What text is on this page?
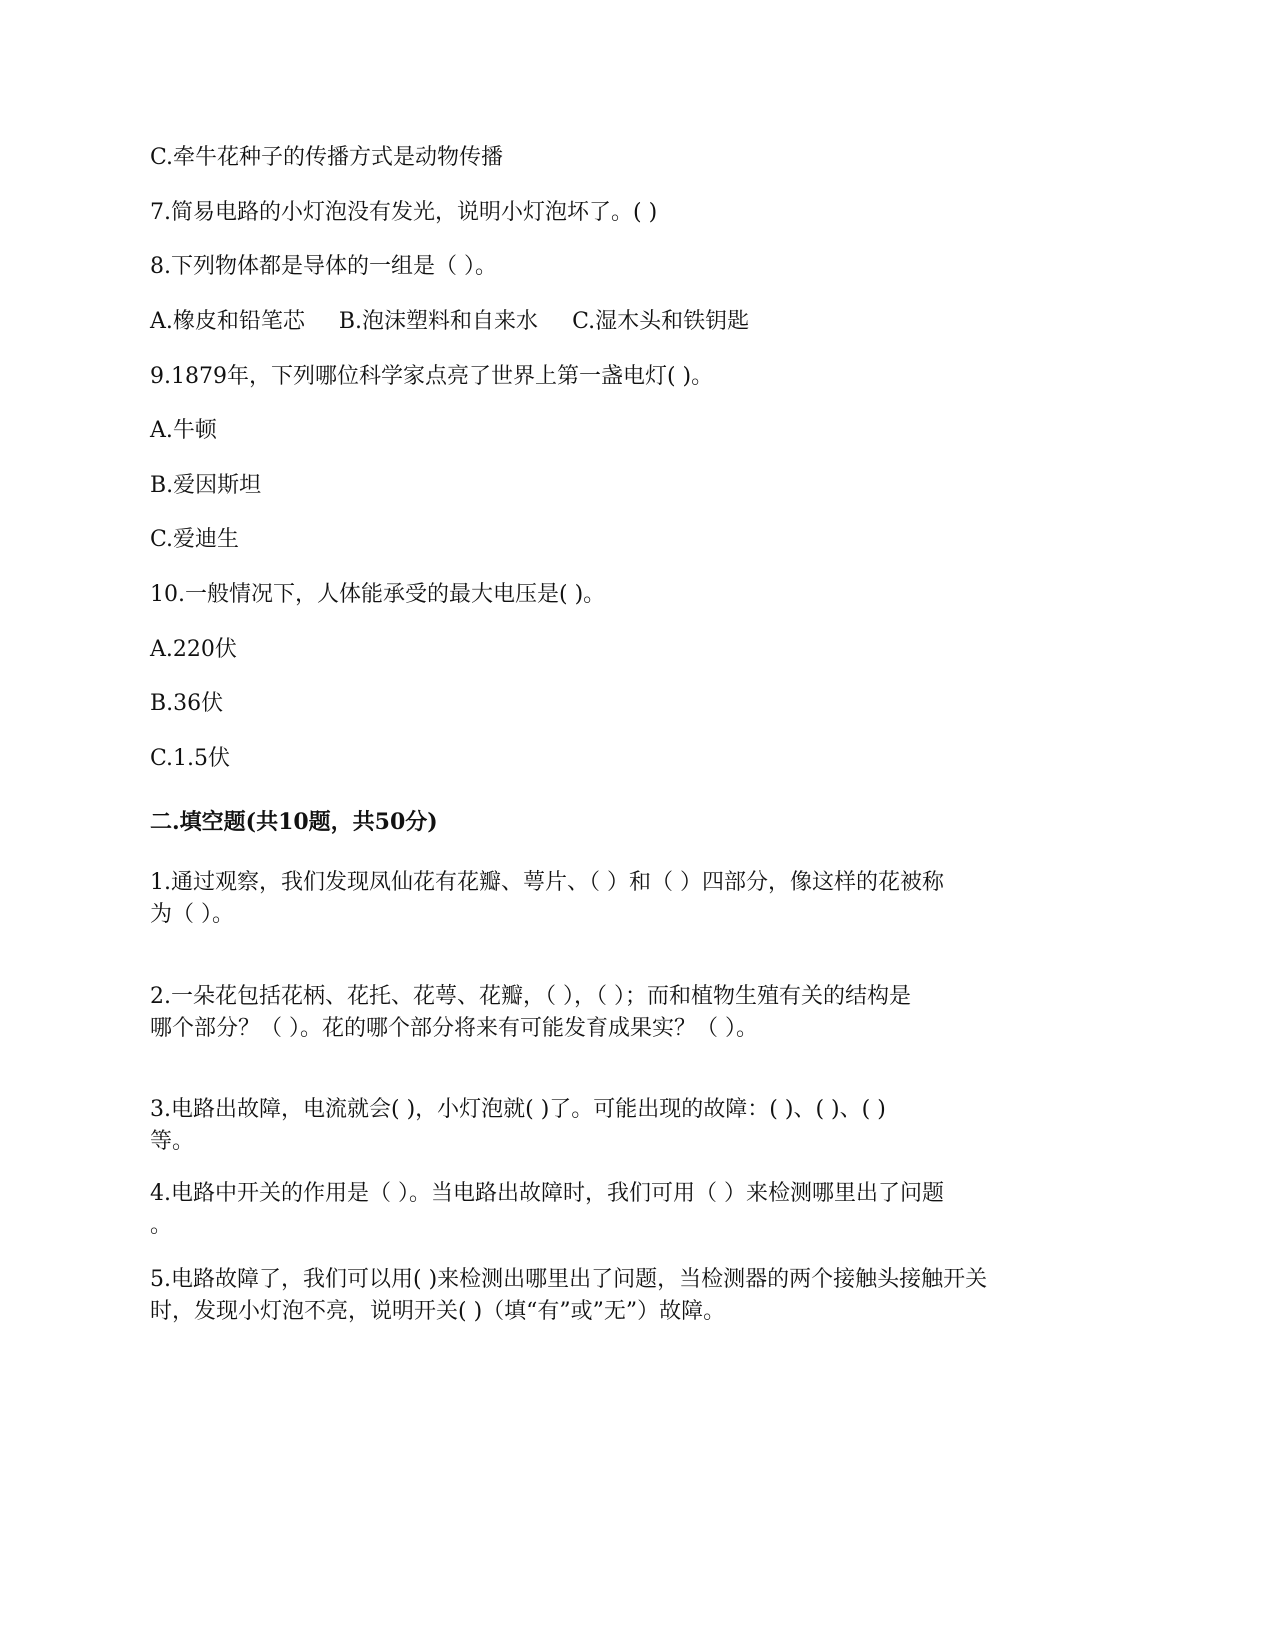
C.牵牛花种子的传播方式是动物传播
7.简易电路的小灯泡没有发光，说明小灯泡坏了。( )
8.下列物体都是导体的一组是（ ）。
A.橡皮和铅笔芯 B.泡沫塑料和自来水 C.湿木头和铁钥匙
9.1879年，下列哪位科学家点亮了世界上第一盏电灯( )。
A.牛顿
B.爱因斯坦
C.爱迪生
10.一般情况下，人体能承受的最大电压是( )。
A.220伏
B.36伏
C.1.5伏
二.填空题(共10题，共50分)
1.通过观察，我们发现凤仙花有花瓣、萼片、（ ）和（ ）四部分，像这样的花被称
为（ ）。
2.一朵花包括花柄、花托、花萼、花瓣，（ ），（ ）；而和植物生殖有关的结构是
哪个部分？（ ）。花的哪个部分将来有可能发育成果实？（ ）。
3.电路出故障，电流就会( )，小灯泡就( )了。可能出现的故障：( )、( )、( )
等。
4.电路中开关的作用是（ ）。当电路出故障时，我们可用（ ）来检测哪里出了问题
。
5.电路故障了，我们可以用( )来检测出哪里出了问题，当检测器的两个接触头接触开关
时，发现小灯泡不亮，说明开关( )（填“有”或”无”）故障。
